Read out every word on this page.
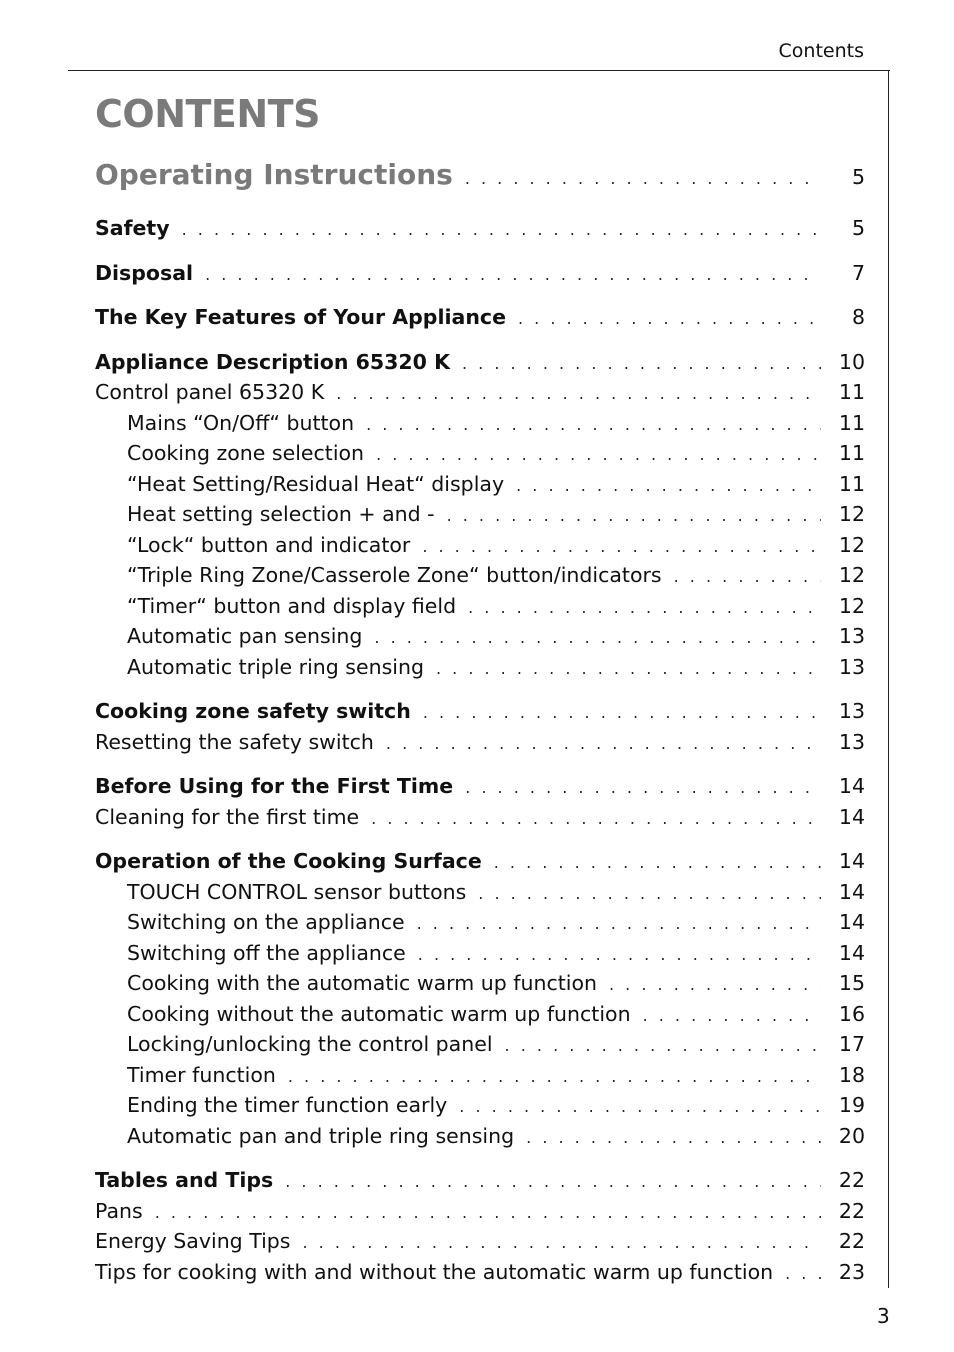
Contents
CONTENTS
Operating Instructions . . .	5
Safety . . .	5
Disposal . . .	7
The Key Features of Your Appliance . . .	8
Appliance Description 65320 K . . .	10
Control panel 65320 K . . .	11
Mains “On/Off“ button . . .	11
Cooking zone selection . . .	11
“Heat Setting/Residual Heat“ display . . .	11
Heat setting selection + and - . . .	12
“Lock“ button and indicator . . .	12
“Triple Ring Zone/Casserole Zone“ button/indicators . . .	12
“Timer“ button and display field . . .	12
Automatic pan sensing . . .	13
Automatic triple ring sensing . . .	13
Cooking zone safety switch . . .	13
Resetting the safety switch . . .	13
Before Using for the First Time . . .	14
Cleaning for the first time . . .	14
Operation of the Cooking Surface . . .	14
TOUCH CONTROL sensor buttons . . .	14
Switching on the appliance . . .	14
Switching off the appliance . . .	14
Cooking with the automatic warm up function . . .	15
Cooking without the automatic warm up function . . .	16
Locking/unlocking the control panel . . .	17
Timer function . . .	18
Ending the timer function early . . .	19
Automatic pan and triple ring sensing . . .	20
Tables and Tips . . .	22
Pans . . .	22
Energy Saving Tips . . .	22
Tips for cooking with and without the automatic warm up function . . .	23
3
